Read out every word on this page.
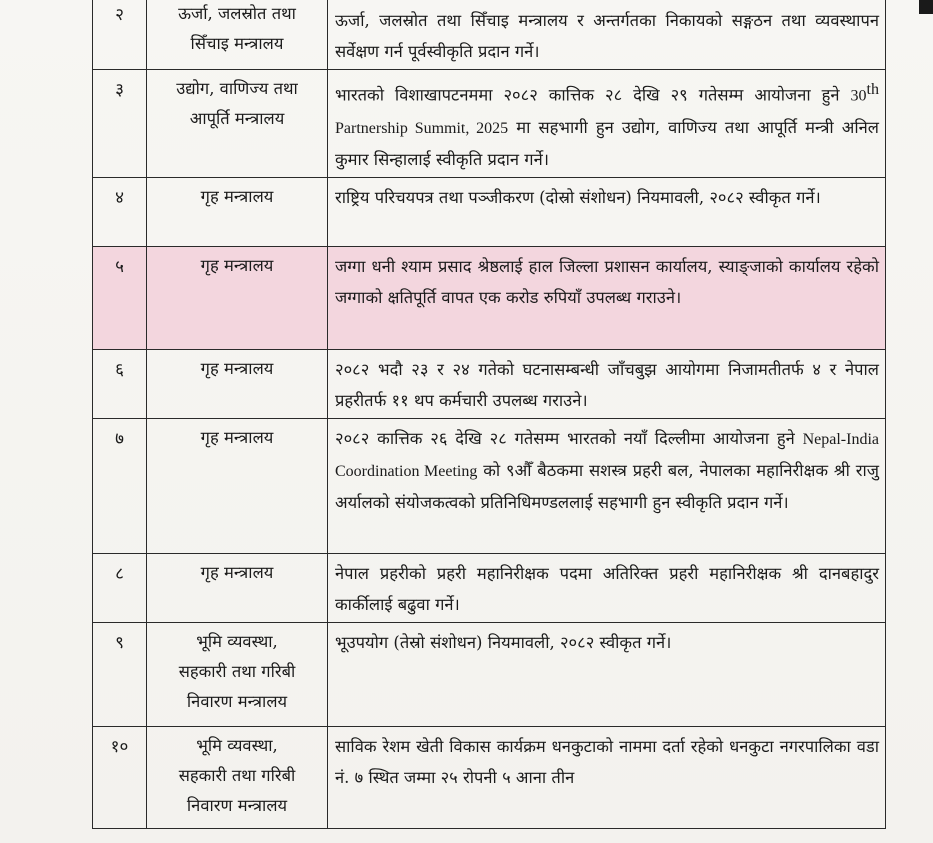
२	ऊर्जा, जलस्रोत तथा
सिँचाइ मन्त्रालय	ऊर्जा, जलस्रोत तथा सिँचाइ मन्त्रालय र अन्तर्गतका निकायको सङ्गठन तथा व्यवस्थापन सर्वेक्षण गर्न पूर्वस्वीकृति प्रदान गर्ने।
३	उद्योग, वाणिज्य तथा
आपूर्ति मन्त्रालय	भारतको विशाखापटनममा २०८२ कात्तिक २८ देखि २९ गतेसम्म आयोजना हुने 30th Partnership Summit, 2025 मा सहभागी हुन उद्योग, वाणिज्य तथा आपूर्ति मन्त्री अनिल कुमार सिन्हालाई स्वीकृति प्रदान गर्ने।
४	गृह मन्त्रालय	राष्ट्रिय परिचयपत्र तथा पञ्जीकरण (दोस्रो संशोधन) नियमावली, २०८२ स्वीकृत गर्ने।
५	गृह मन्त्रालय	जग्गा धनी श्याम प्रसाद श्रेष्ठलाई हाल जिल्ला प्रशासन कार्यालय, स्याङ्जाको कार्यालय रहेको जग्गाको क्षतिपूर्ति वापत एक करोड रुपियाँ उपलब्ध गराउने।
६	गृह मन्त्रालय	२०८२ भदौ २३ र २४ गतेको घटनासम्बन्धी जाँचबुझ आयोगमा निजामतीतर्फ ४ र नेपाल प्रहरीतर्फ ११ थप कर्मचारी उपलब्ध गराउने।
७	गृह मन्त्रालय	२०८२ कात्तिक २६ देखि २८ गतेसम्म भारतको नयाँ दिल्लीमा आयोजना हुने Nepal-India Coordination Meeting को ९औँ बैठकमा सशस्त्र प्रहरी बल, नेपालका महानिरीक्षक श्री राजु अर्यालको संयोजकत्वको प्रतिनिधिमण्डललाई सहभागी हुन स्वीकृति प्रदान गर्ने।
८	गृह मन्त्रालय	नेपाल प्रहरीको प्रहरी महानिरीक्षक पदमा अतिरिक्त प्रहरी महानिरीक्षक श्री दानबहादुर कार्कीलाई बढुवा गर्ने।
९	भूमि व्यवस्था,
सहकारी तथा गरिबी
निवारण मन्त्रालय	भूउपयोग (तेस्रो संशोधन) नियमावली, २०८२ स्वीकृत गर्ने।
१०	भूमि व्यवस्था,
सहकारी तथा गरिबी
निवारण मन्त्रालय	साविक रेशम खेती विकास कार्यक्रम धनकुटाको नाममा दर्ता रहेको धनकुटा नगरपालिका वडा नं. ७ स्थित जम्मा २५ रोपनी ५ आना तीन
